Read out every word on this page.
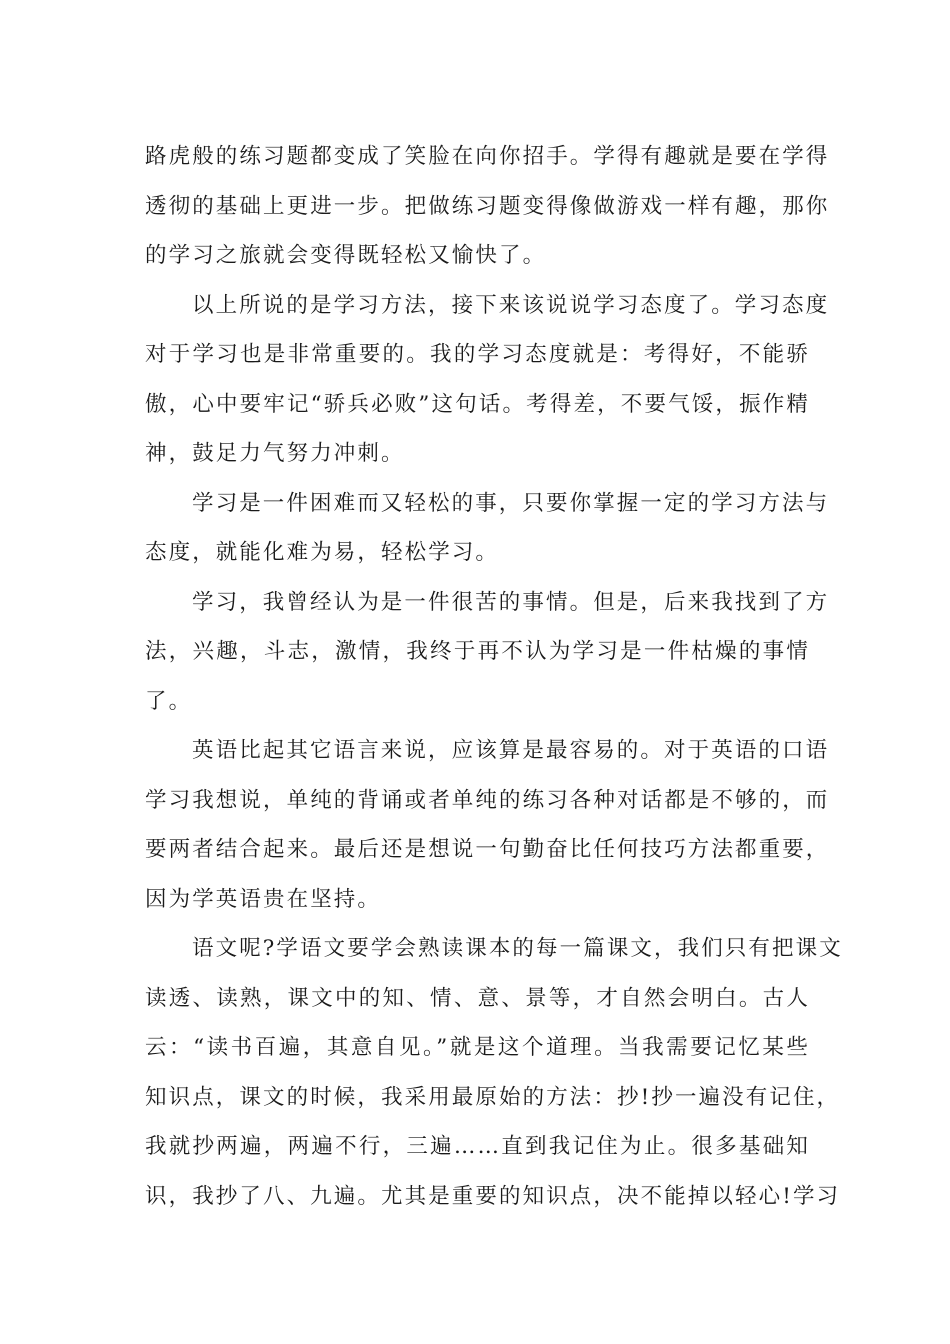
路虎般的练习题都变成了笑脸在向你招手。学得有趣就是要在学得
透彻的基础上更进一步。把做练习题变得像做游戏一样有趣，那你
的学习之旅就会变得既轻松又愉快了。
以上所说的是学习方法，接下来该说说学习态度了。学习态度
对于学习也是非常重要的。我的学习态度就是：考得好，不能骄
傲，心中要牢记“骄兵必败”这句话。考得差，不要气馁，振作精
神，鼓足力气努力冲刺。
学习是一件困难而又轻松的事，只要你掌握一定的学习方法与
态度，就能化难为易，轻松学习。
学习，我曾经认为是一件很苦的事情。但是，后来我找到了方
法，兴趣，斗志，激情，我终于再不认为学习是一件枯燥的事情
了。
英语比起其它语言来说，应该算是最容易的。对于英语的口语
学习我想说，单纯的背诵或者单纯的练习各种对话都是不够的，而
要两者结合起来。最后还是想说一句勤奋比任何技巧方法都重要，
因为学英语贵在坚持。
语文呢?学语文要学会熟读课本的每一篇课文，我们只有把课文
读透、读熟，课文中的知、情、意、景等，才自然会明白。古人
云：“读书百遍，其意自见。”就是这个道理。当我需要记忆某些
知识点，课文的时候，我采用最原始的方法：抄!抄一遍没有记住，
我就抄两遍，两遍不行，三遍……直到我记住为止。很多基础知
识，我抄了八、九遍。尤其是重要的知识点，决不能掉以轻心!学习
